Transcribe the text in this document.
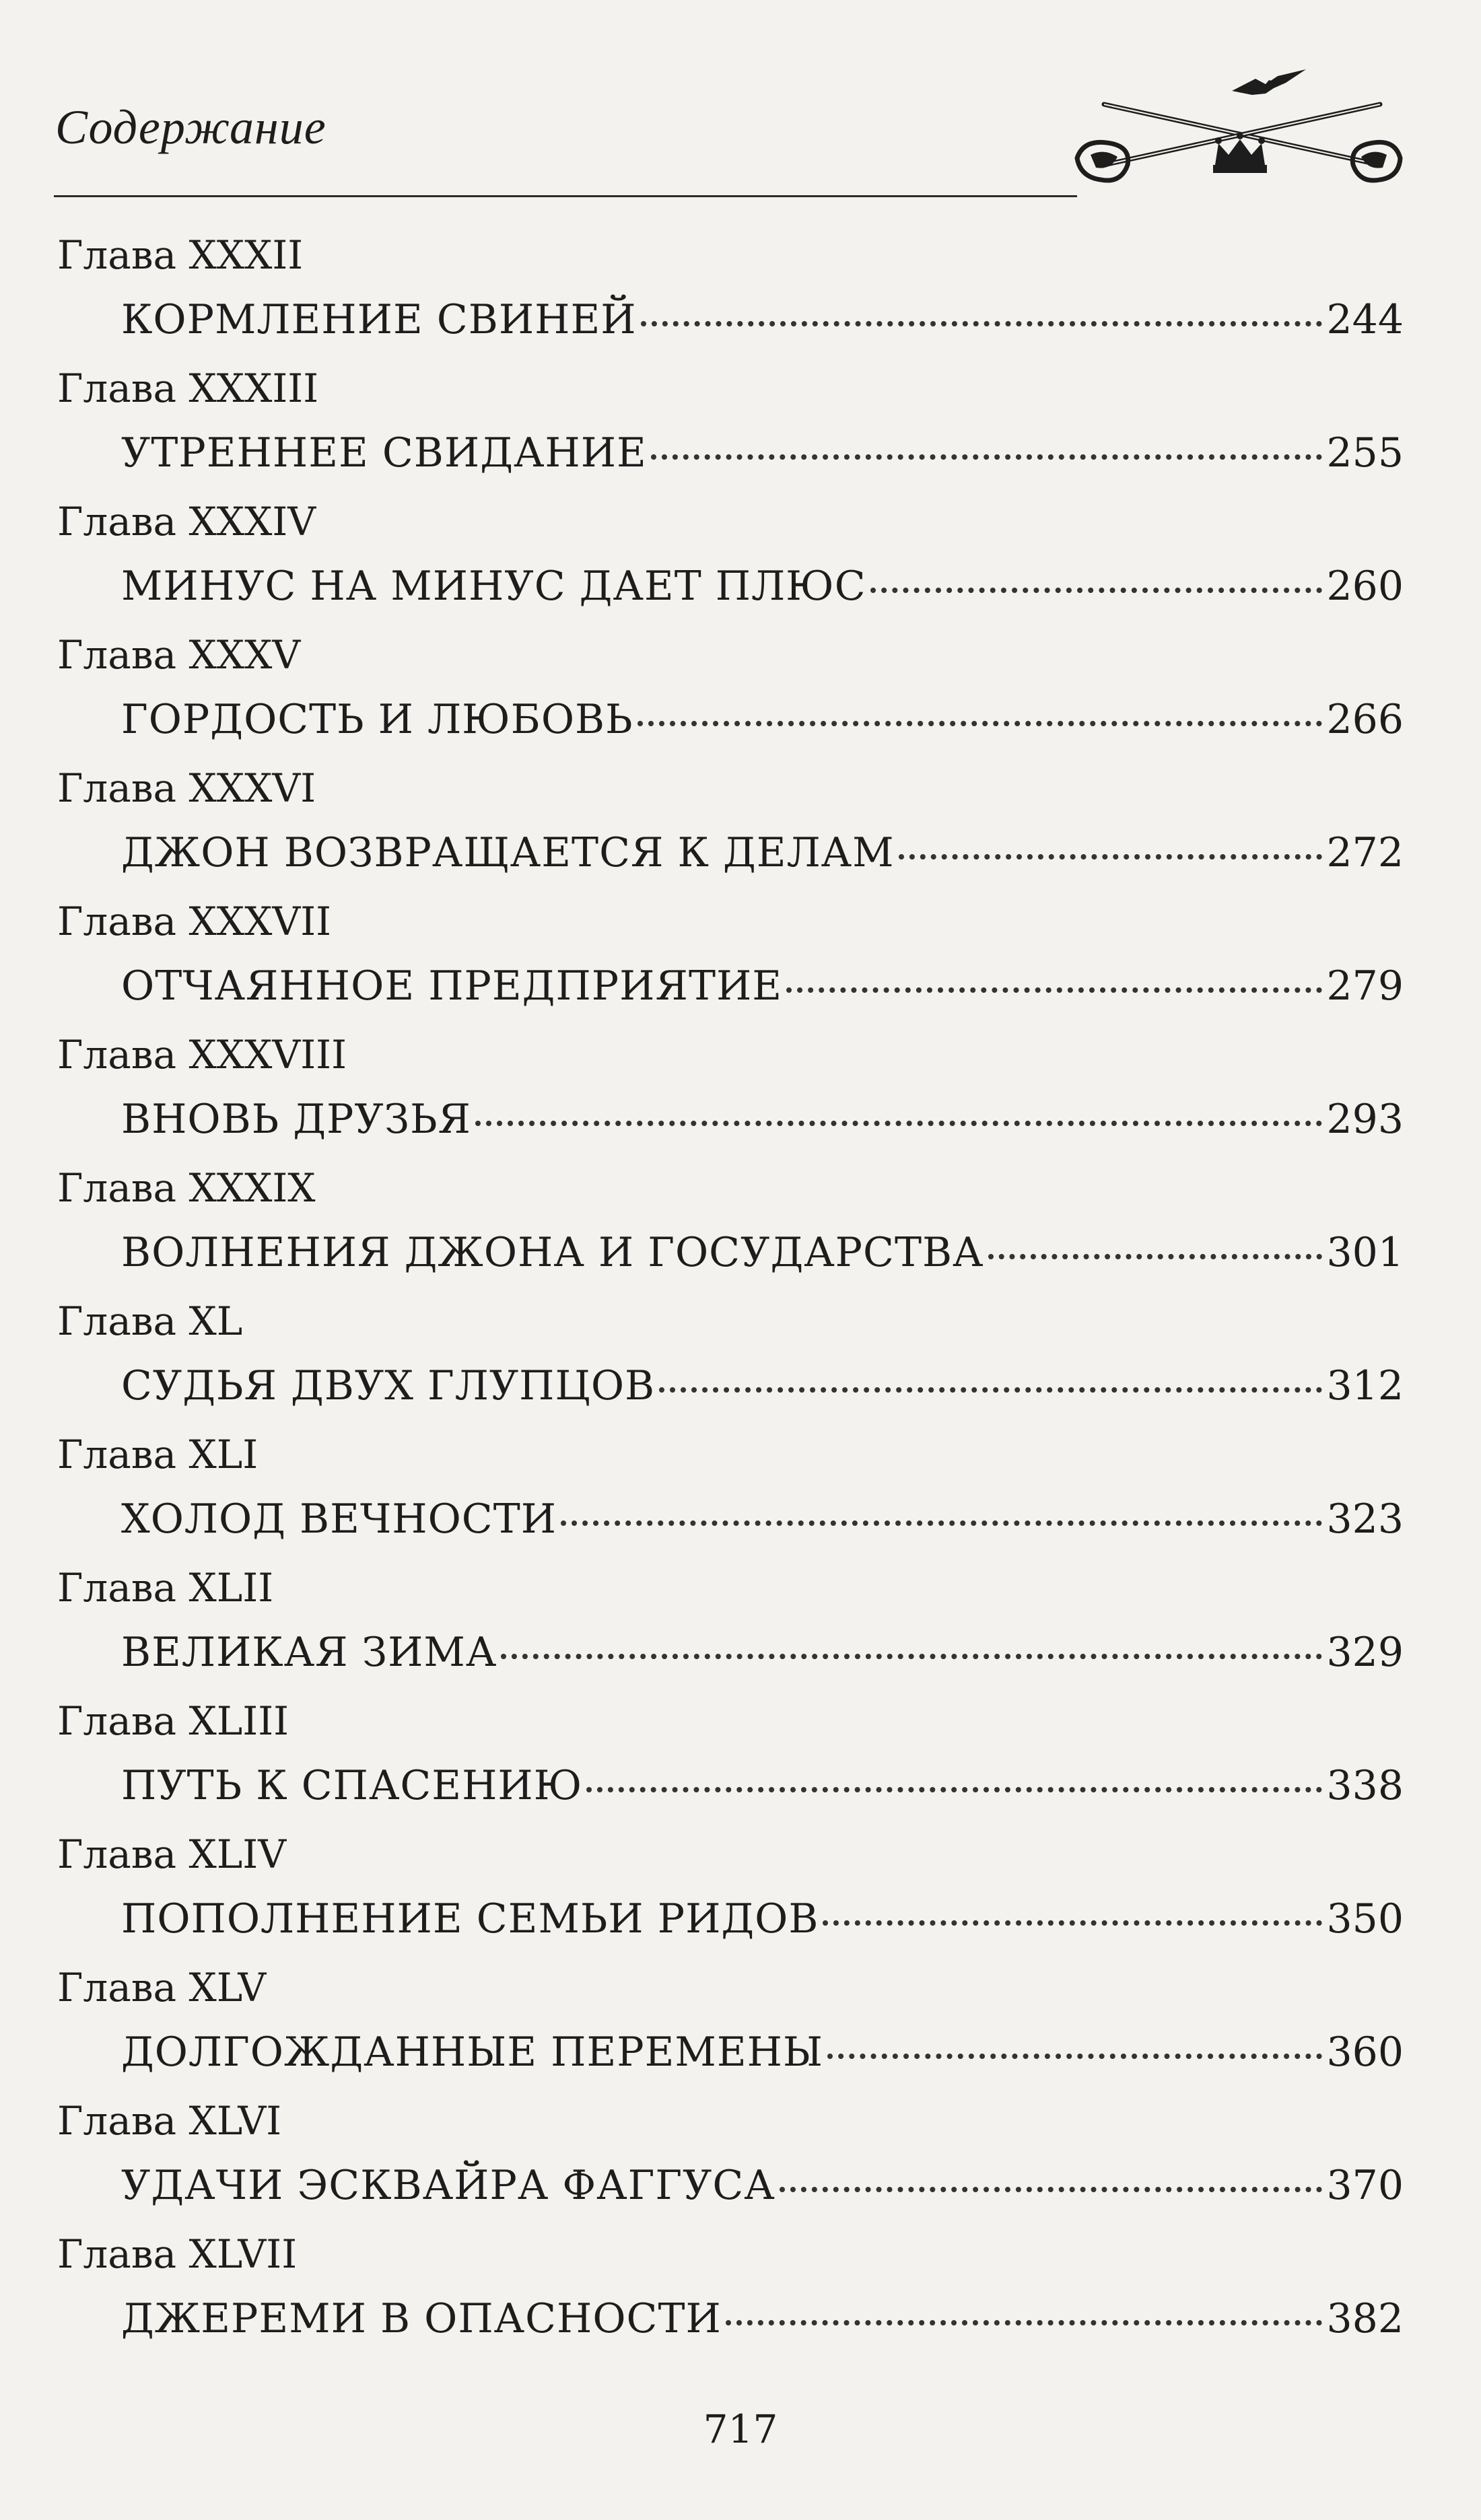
Содержание
Глава XXXII
КОРМЛЕНИЕ СВИНЕЙ	244
Глава XXXIII
УТРЕННЕЕ СВИДАНИЕ	255
Глава XXXIV
МИНУС НА МИНУС ДАЕТ ПЛЮС	260
Глава XXXV
ГОРДОСТЬ И ЛЮБОВЬ	266
Глава XXXVI
ДЖОН ВОЗВРАЩАЕТСЯ К ДЕЛАМ	272
Глава XXXVII
ОТЧАЯННОЕ ПРЕДПРИЯТИЕ	279
Глава XXXVIII
ВНОВЬ ДРУЗЬЯ	293
Глава XXXIX
ВОЛНЕНИЯ ДЖОНА И ГОСУДАРСТВА	301
Глава XL
СУДЬЯ ДВУХ ГЛУПЦОВ	312
Глава XLI
ХОЛОД ВЕЧНОСТИ	323
Глава XLII
ВЕЛИКАЯ ЗИМА	329
Глава XLIII
ПУТЬ К СПАСЕНИЮ	338
Глава XLIV
ПОПОЛНЕНИЕ СЕМЬИ РИДОВ	350
Глава XLV
ДОЛГОЖДАННЫЕ ПЕРЕМЕНЫ	360
Глава XLVI
УДАЧИ ЭСКВАЙРА ФАГГУСА	370
Глава XLVII
ДЖЕРЕМИ В ОПАСНОСТИ	382
717
